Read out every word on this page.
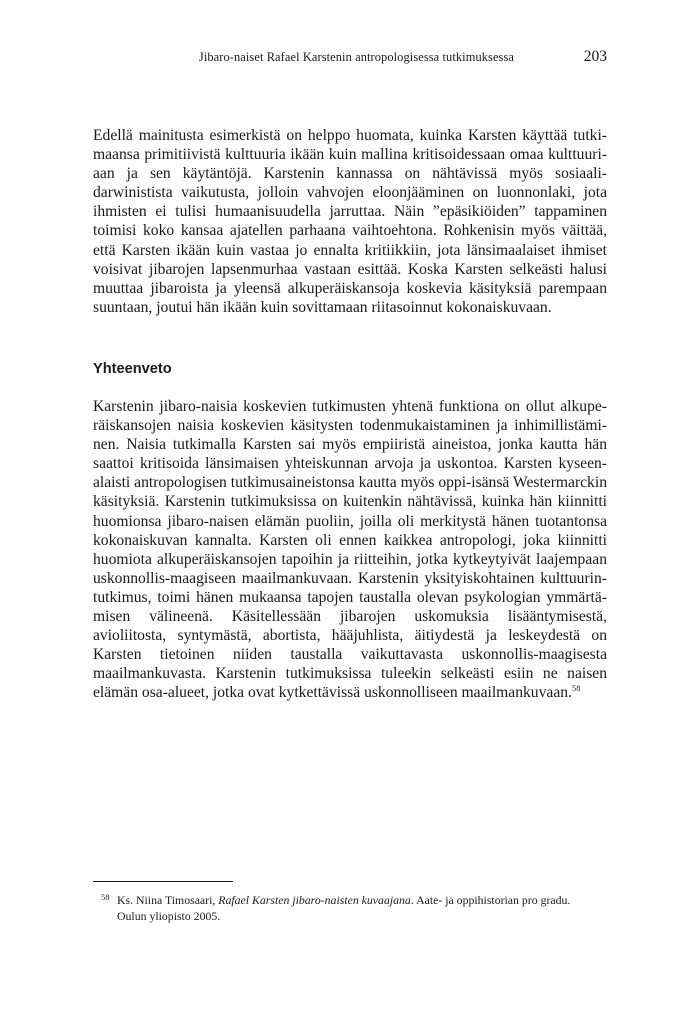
Jibaro-naiset Rafael Karstenin antropologisessa tutkimuksessa	203

Edellä mainitusta esimerkistä on helppo huomata, kuinka Karsten käyttää tutkimaansa primitiivistä kulttuuria ikään kuin mallina kritisoidessaan omaa kulttuuriaan ja sen käytäntöjä. Karstenin kannassa on nähtävissä myös sosiaali-darwinistista vaikutusta, jolloin vahvojen eloonjääminen on luonnonlaki, jota ihmisten ei tulisi humaanisuudella jarruttaa. Näin ”epäsikiöiden” tappaminen toimisi koko kansaa ajatellen parhaana vaihtoehtona. Rohkenisin myös väittää, että Karsten ikään kuin vastaa jo ennalta kritiikkiin, jota länsimaalaiset ihmiset voisivat jibarojen lapsenmurhaa vastaan esittää. Koska Karsten selkeästi halusi muuttaa jibaroista ja yleensä alkuperäiskansoja koskevia käsityksiä parempaan suuntaan, joutui hän ikään kuin sovittamaan riitasoinnut kokonaiskuvaan.

Yhteenveto

Karstenin jibaro-naisia koskevien tutkimusten yhtenä funktiona on ollut alkuperäiskansojen naisia koskevien käsitysten todenmukaistaminen ja inhimillistäminen. Naisia tutkimalla Karsten sai myös empiiristä aineistoa, jonka kautta hän saattoi kritisoida länsimaisen yhteiskunnan arvoja ja uskontoa. Karsten kyseenalaisti antropologisen tutkimusaineistonsa kautta myös oppi-isänsä Westermarckin käsityksiä. Karstenin tutkimuksissa on kuitenkin nähtävissä, kuinka hän kiinnitti huomionsa jibaro-naisen elämän puoliin, joilla oli merkitystä hänen tuotantonsa kokonaiskuvan kannalta. Karsten oli ennen kaikkea antropologi, joka kiinnitti huomiota alkuperäiskansojen tapoihin ja riitteihin, jotka kytkeytyivät laajempaan uskonnollis-maagiseen maailmankuvaan. Karstenin yksityiskohtainen kulttuurintutkimus, toimi hänen mukaansa tapojen taustalla olevan psykologian ymmärtämisen välineenä. Käsitellessään jibarojen uskomuksia lisääntymisestä, avioliitosta, syntymästä, abortista, hääjuhlista, äitiydestä ja leskeydestä on Karsten tietoinen niiden taustalla vaikuttavasta uskonnollis-maagisesta maailmankuvasta. Karstenin tutkimuksissa tuleekin selkeästi esiin ne naisen elämän osa-alueet, jotka ovat kytkettävissä uskonnolliseen maailmankuvaan.$^{58}$

58 Ks. Niina Timosaari, Rafael Karsten jibaro-naisten kuvaajana. Aate- ja oppihistorian pro gradu.
Oulun yliopisto 2005.
